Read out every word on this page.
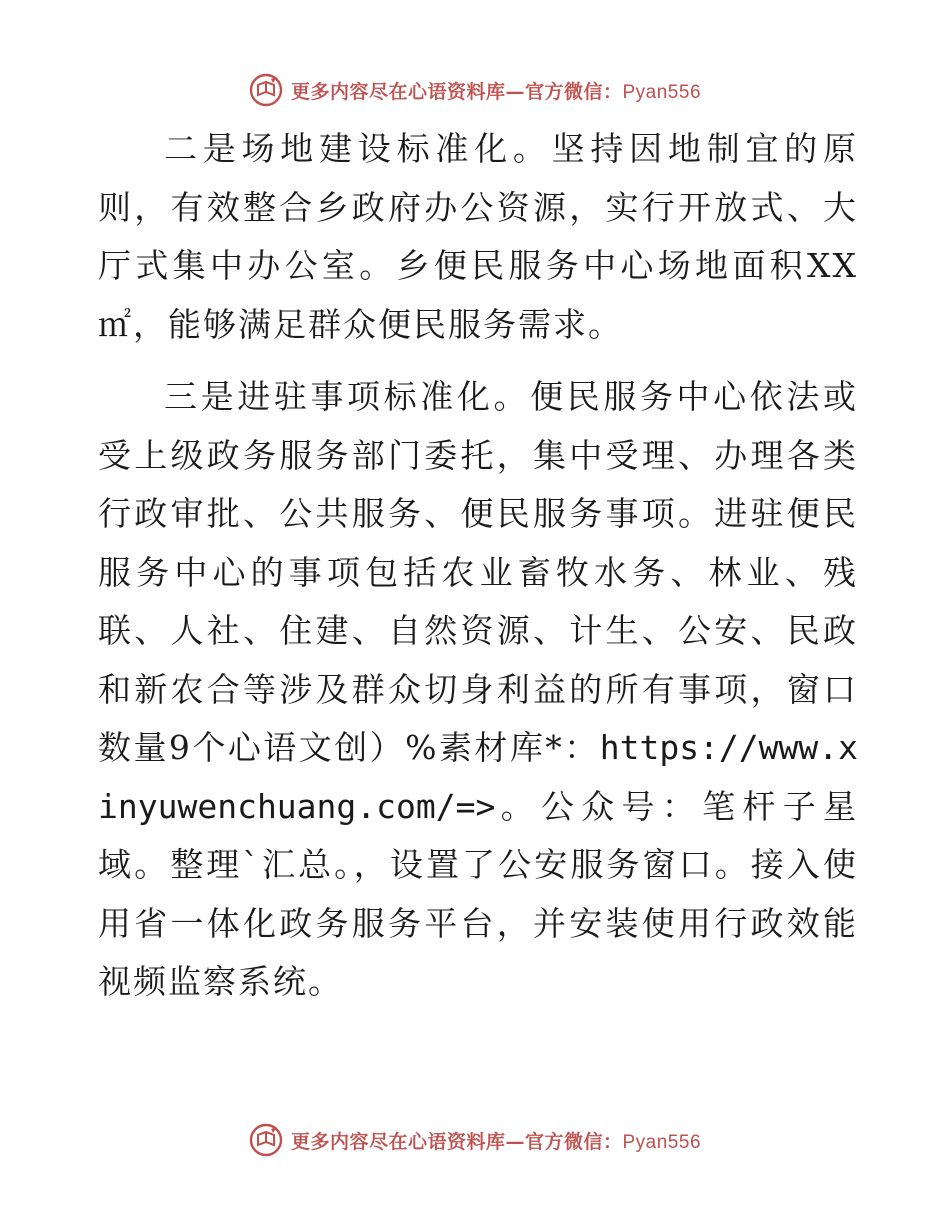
更多内容尽在心语资料库—官方微信：Pyan556

二是场地建设标准化。坚持因地制宜的原则，有效整合乡政府办公资源，实行开放式、大厅式集中办公室。乡便民服务中心场地面积XX㎡，能够满足群众便民服务需求。

三是进驻事项标准化。便民服务中心依法或受上级政务服务部门委托，集中受理、办理各类行政审批、公共服务、便民服务事项。进驻便民服务中心的事项包括农业畜牧水务、林业、残联、人社、住建、自然资源、计生、公安、民政和新农合等涉及群众切身利益的所有事项，窗口数量9个心语文创）%素材库*：https://www.xinyuwenchuang.com/=>。公众号：笔杆子星域。整理`汇总。，设置了公安服务窗口。接入使用省一体化政务服务平台，并安装使用行政效能视频监察系统。

更多内容尽在心语资料库—官方微信：Pyan556
